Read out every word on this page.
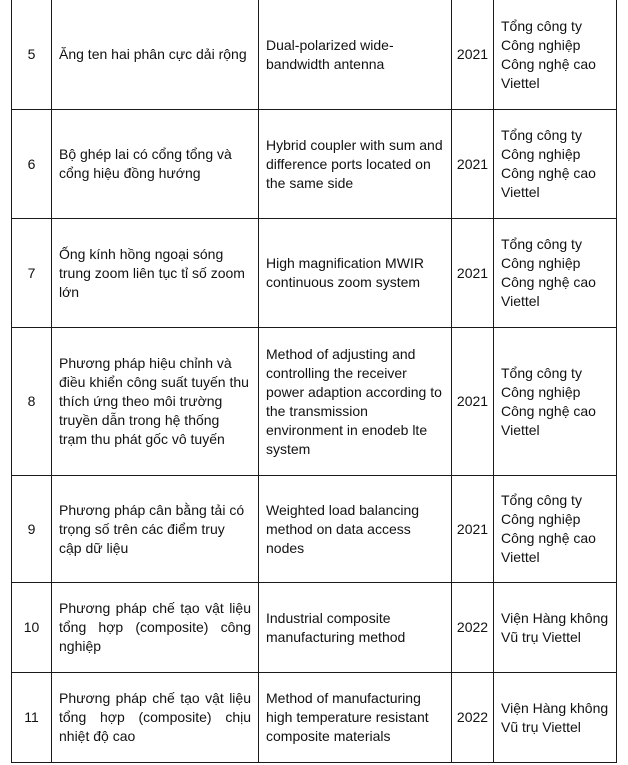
5	Ăng ten hai phân cực dải rộng	Dual-polarized wide-bandwidth antenna	2021	Tổng công ty Công nghiệp Công nghệ cao Viettel
6	Bộ ghép lai có cổng tổng và cổng hiệu đồng hướng	Hybrid coupler with sum and difference ports located on the same side	2021	Tổng công ty Công nghiệp Công nghệ cao Viettel
7	Ống kính hồng ngoại sóng trung zoom liên tục tỉ số zoom lớn	High magnification MWIR continuous zoom system	2021	Tổng công ty Công nghiệp Công nghệ cao Viettel
8	Phương pháp hiệu chỉnh và điều khiển công suất tuyến thu thích ứng theo môi trường truyền dẫn trong hệ thống trạm thu phát gốc vô tuyến	Method of adjusting and controlling the receiver power adaption according to the transmission environment in enodeb lte system	2021	Tổng công ty Công nghiệp Công nghệ cao Viettel
9	Phương pháp cân bằng tải có trọng số trên các điểm truy cập dữ liệu	Weighted load balancing method on data access nodes	2021	Tổng công ty Công nghiệp Công nghệ cao Viettel
10	Phương pháp chế tạo vật liệu tổng hợp (composite) công nghiệp	Industrial composite manufacturing method	2022	Viện Hàng không Vũ trụ Viettel
11	Phương pháp chế tạo vật liệu tổng hợp (composite) chịu nhiệt độ cao	Method of manufacturing high temperature resistant composite materials	2022	Viện Hàng không Vũ trụ Viettel
